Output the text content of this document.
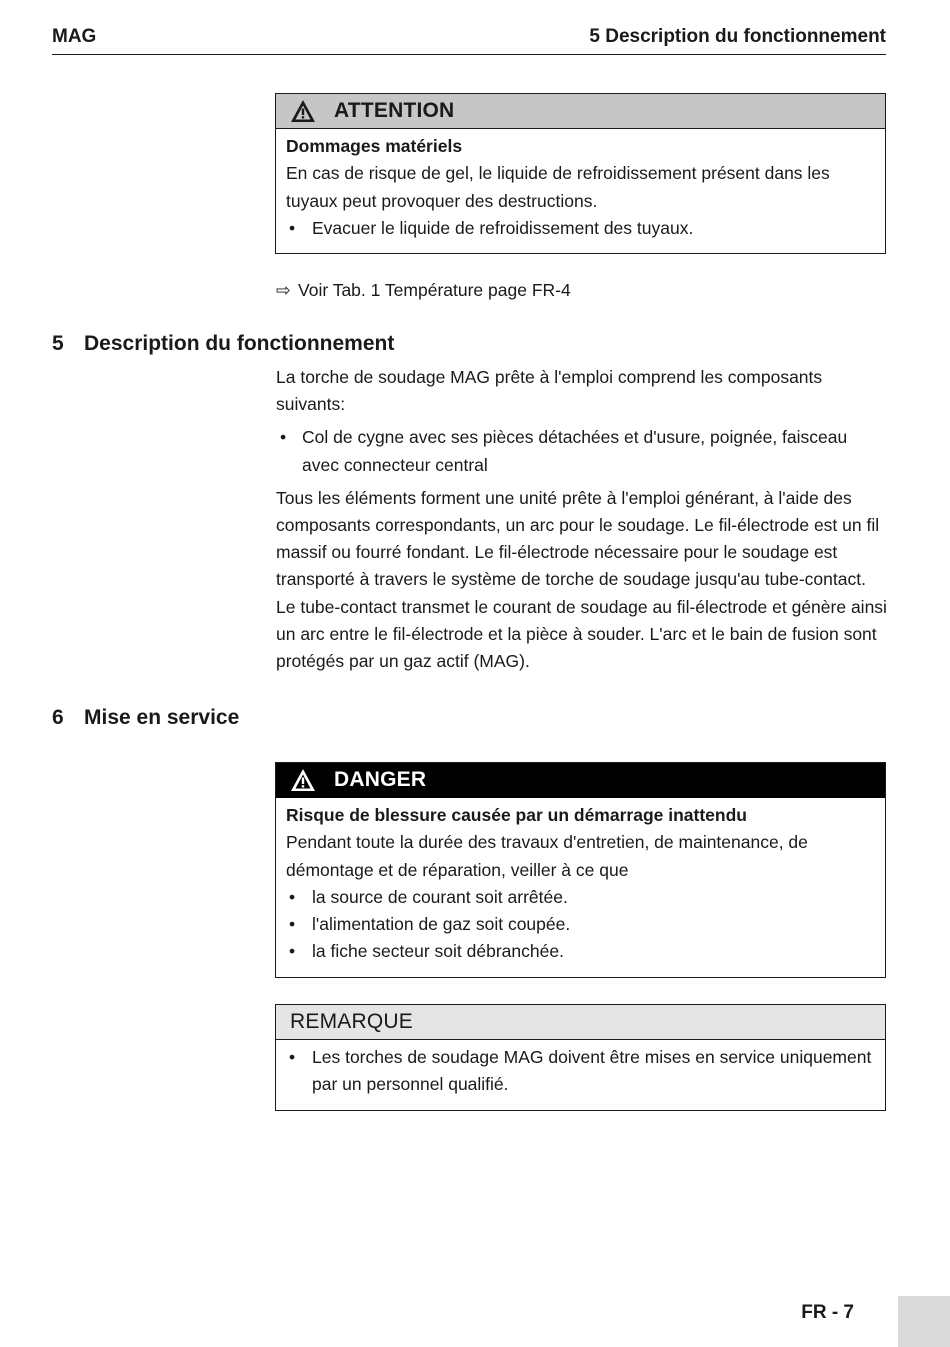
MAG	5 Description du fonctionnement
ATTENTION
Dommages matériels
En cas de risque de gel, le liquide de refroidissement présent dans les tuyaux peut provoquer des destructions.
• Evacuer le liquide de refroidissement des tuyaux.
⇨ Voir Tab. 1 Température page FR-4
5 Description du fonctionnement
La torche de soudage MAG prête à l'emploi comprend les composants suivants:
• Col de cygne avec ses pièces détachées et d'usure, poignée, faisceau avec connecteur central
Tous les éléments forment une unité prête à l'emploi générant, à l'aide des composants correspondants, un arc pour le soudage. Le fil-électrode est un fil massif ou fourré fondant. Le fil-électrode nécessaire pour le soudage est transporté à travers le système de torche de soudage jusqu'au tube-contact. Le tube-contact transmet le courant de soudage au fil-électrode et génère ainsi un arc entre le fil-électrode et la pièce à souder. L'arc et le bain de fusion sont protégés par un gaz actif (MAG).
6 Mise en service
DANGER
Risque de blessure causée par un démarrage inattendu
Pendant toute la durée des travaux d'entretien, de maintenance, de démontage et de réparation, veiller à ce que
• la source de courant soit arrêtée.
• l'alimentation de gaz soit coupée.
• la fiche secteur soit débranchée.
REMARQUE
• Les torches de soudage MAG doivent être mises en service uniquement par un personnel qualifié.
FR - 7
